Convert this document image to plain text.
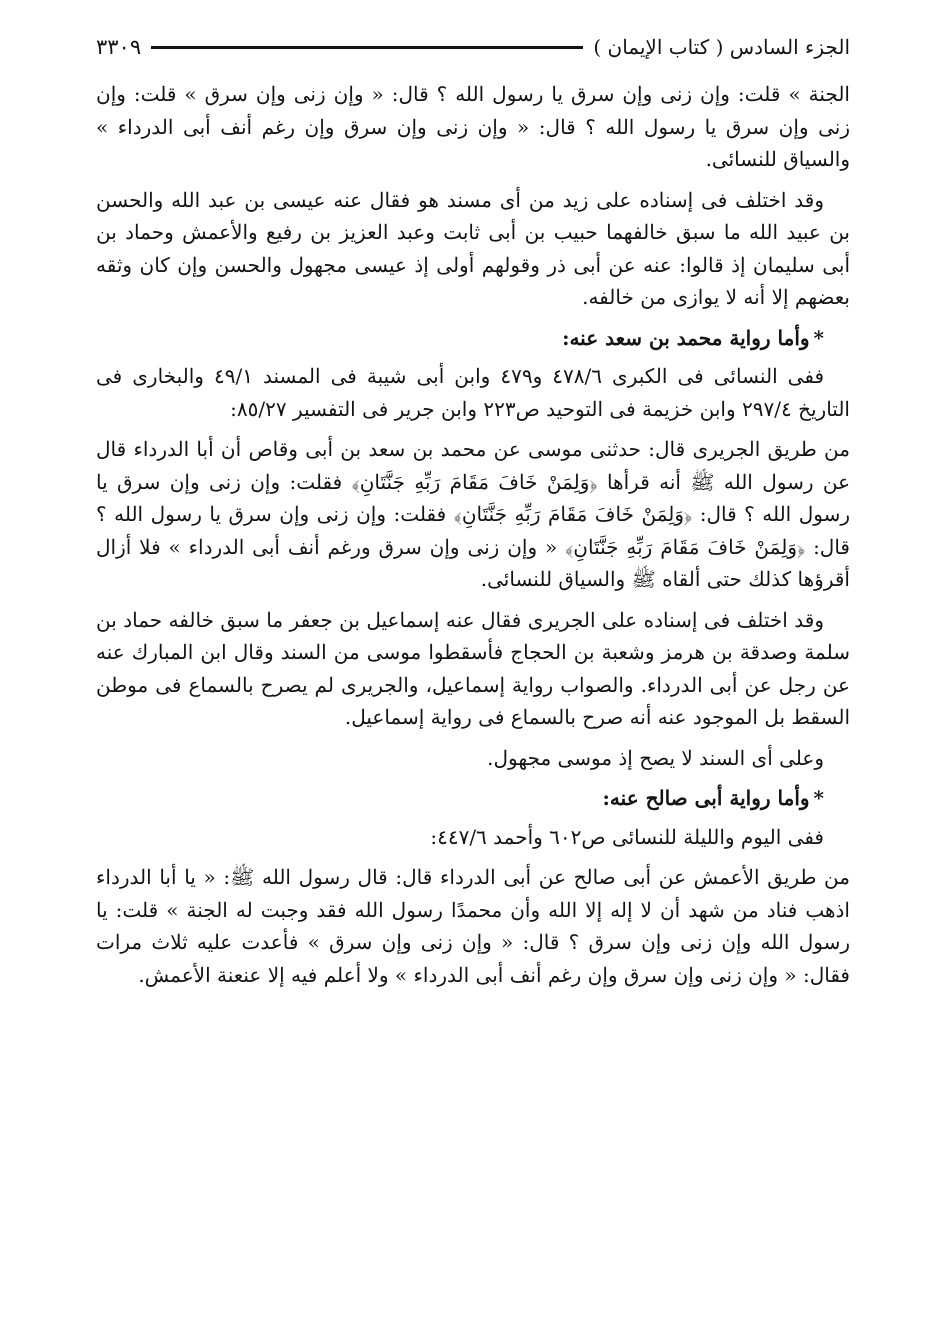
الجزء السادس ( كتاب الإيمان )
٣٣٠٩

الجنة » قلت: وإن زنى وإن سرق يا رسول الله ؟ قال: « وإن زنى وإن سرق » قلت: وإن زنى وإن سرق يا رسول الله ؟ قال: « وإن زنى وإن سرق وإن رغم أنف أبى الدرداء » والسياق للنسائى.

وقد اختلف فى إسناده على زيد من أى مسند هو فقال عنه عيسى بن عبد الله والحسن بن عبيد الله ما سبق خالفهما حبيب بن أبى ثابت وعبد العزيز بن رفيع والأعمش وحماد بن أبى سليمان إذ قالوا: عنه عن أبى ذر وقولهم أولى إذ عيسى مجهول والحسن وإن كان وثقه بعضهم إلا أنه لا يوازى من خالفه.

*وأما رواية محمد بن سعد عنه:

ففى النسائى فى الكبرى ٤٧٨/٦ و٤٧٩ وابن أبى شيبة فى المسند ٤٩/١ والبخارى فى التاريخ ٢٩٧/٤ وابن خزيمة فى التوحيد ص٢٢٣ وابن جرير فى التفسير ٨٥/٢٧:

من طريق الجريرى قال: حدثنى موسى عن محمد بن سعد بن أبى وقاص أن أبا الدرداء قال عن رسول الله ﷺ أنه قرأها ﴿وَلِمَنْ خَافَ مَقَامَ رَبِّهِ جَنَّتَانِ﴾ فقلت: وإن زنى وإن سرق يا رسول الله ؟ قال: ﴿وَلِمَنْ خَافَ مَقَامَ رَبِّهِ جَنَّتَانِ﴾ فقلت: وإن زنى وإن سرق يا رسول الله ؟ قال: ﴿وَلِمَنْ خَافَ مَقَامَ رَبِّهِ جَنَّتَانِ﴾ « وإن زنى وإن سرق ورغم أنف أبى الدرداء » فلا أزال أقرؤها كذلك حتى ألقاه ﷺ والسياق للنسائى.

وقد اختلف فى إسناده على الجريرى فقال عنه إسماعيل بن جعفر ما سبق خالفه حماد بن سلمة وصدقة بن هرمز وشعبة بن الحجاج فأسقطوا موسى من السند وقال ابن المبارك عنه عن رجل عن أبى الدرداء. والصواب رواية إسماعيل، والجريرى لم يصرح بالسماع فى موطن السقط بل الموجود عنه أنه صرح بالسماع فى رواية إسماعيل.

وعلى أى السند لا يصح إذ موسى مجهول.

*وأما رواية أبى صالح عنه:

ففى اليوم والليلة للنسائى ص٦٠٢ وأحمد ٤٤٧/٦:

من طريق الأعمش عن أبى صالح عن أبى الدرداء قال: قال رسول الله ﷺ: « يا أبا الدرداء اذهب فناد من شهد أن لا إله إلا الله وأن محمدًا رسول الله فقد وجبت له الجنة » قلت: يا رسول الله وإن زنى وإن سرق ؟ قال: « وإن زنى وإن سرق » فأعدت عليه ثلاث مرات فقال: « وإن زنى وإن سرق وإن رغم أنف أبى الدرداء » ولا أعلم فيه إلا عنعنة الأعمش.
